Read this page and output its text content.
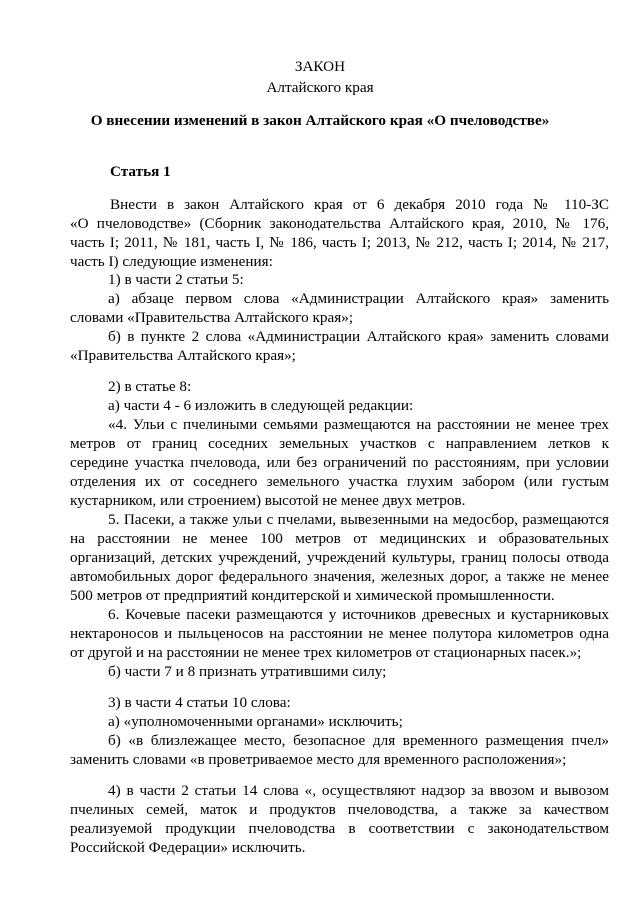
ЗАКОН

Алтайского края

О внесении изменений в закон Алтайского края «О пчеловодстве»

Статья 1

Внести в закон Алтайского края от 6 декабря 2010 года № 110-ЗС

«О пчеловодстве» (Сборник законодательства Алтайского края, 2010, № 176,

часть I; 2011, № 181, часть I, № 186, часть I; 2013, № 212, часть I; 2014, № 217,

часть I) следующие изменения:

1) в части 2 статьи 5:

а) абзаце первом слова «Администрации Алтайского края» заменить

словами «Правительства Алтайского края»;

б) в пункте 2 слова «Администрации Алтайского края» заменить словами

«Правительства Алтайского края»;

2) в статье 8:

а) части 4 - 6 изложить в следующей редакции:

«4. Ульи с пчелиными семьями размещаются на расстоянии не менее трех

метров от границ соседних земельных участков с направлением летков к

середине участка пчеловода, или без ограничений по расстояниям, при условии

отделения их от соседнего земельного участка глухим забором (или густым

кустарником, или строением) высотой не менее двух метров.

5. Пасеки, а также ульи с пчелами, вывезенными на медосбор, размещаются

на расстоянии не менее 100 метров от медицинских и образовательных

организаций, детских учреждений, учреждений культуры, границ полосы отвода

автомобильных дорог федерального значения, железных дорог, а также не менее

500 метров от предприятий кондитерской и химической промышленности.

6. Кочевые пасеки размещаются у источников древесных и кустарниковых

нектароносов и пыльценосов на расстоянии не менее полутора километров одна

от другой и на расстоянии не менее трех километров от стационарных пасек.»;

б) части 7 и 8 признать утратившими силу;

3) в части 4 статьи 10 слова:

а) «уполномоченными органами» исключить;

б) «в близлежащее место, безопасное для временного размещения пчел»

заменить словами «в проветриваемое место для временного расположения»;

4) в части 2 статьи 14 слова «, осуществляют надзор за ввозом и вывозом

пчелиных семей, маток и продуктов пчеловодства, а также за качеством

реализуемой продукции пчеловодства в соответствии с законодательством

Российской Федерации» исключить.
